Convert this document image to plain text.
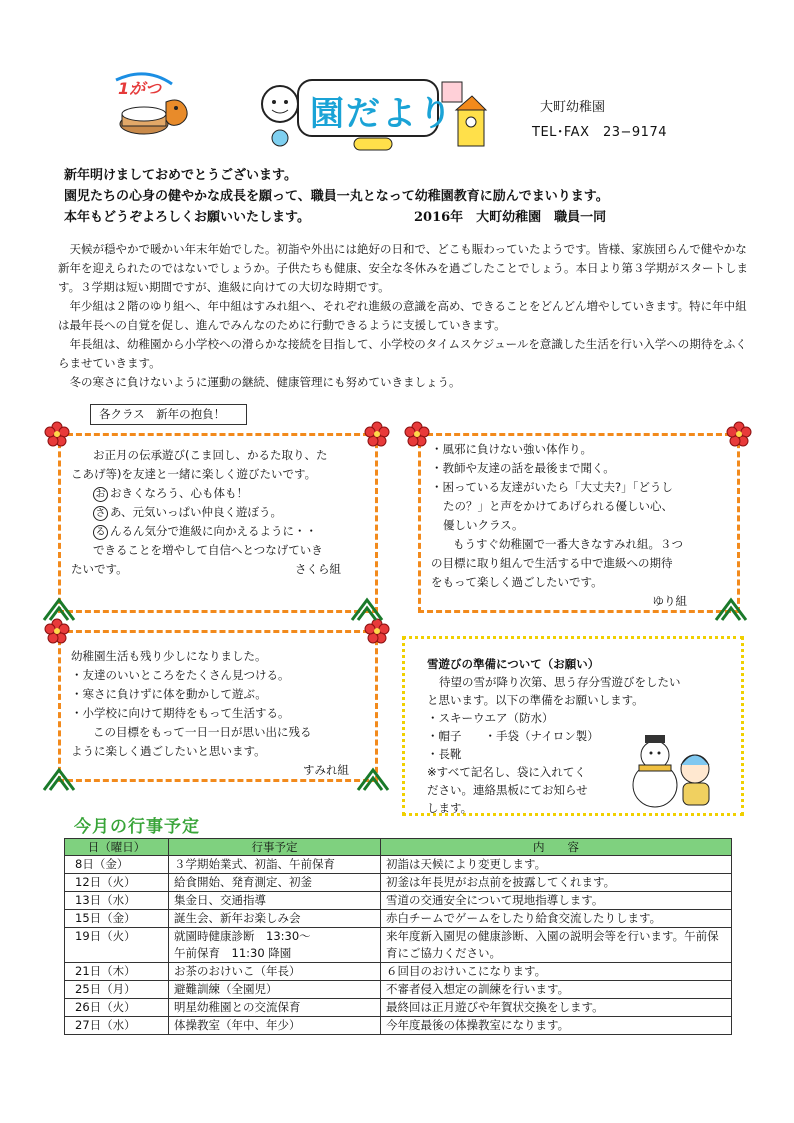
1がつ
園だより	大町幼稚園
TEL･FAX　23−9174
新年明けましておめでとうございます。
園児たちの心身の健やかな成長を願って、職員一丸となって幼稚園教育に励んでまいります。
本年もどうぞよろしくお願いいたします。	2016年　大町幼稚園　職員一同

天候が穏やかで暖かい年末年始でした。初詣や外出には絶好の日和で、どこも賑わっていたようです。皆様、家族団らんで健やかな新年を迎えられたのではないでしょうか。子供たちも健康、安全な冬休みを過ごしたことでしょう。本日より第３学期がスタートします。３学期は短い期間ですが、進級に向けての大切な時期です。

年少組は２階のゆり組へ、年中組はすみれ組へ、それぞれ進級の意識を高め、できることをどんどん増やしていきます。特に年中組は最年長への自覚を促し、進んでみんなのために行動できるように支援していきます。

年長組は、幼稚園から小学校への滑らかな接続を目指して、小学校のタイムスケジュールを意識した生活を行い入学への期待をふくらませていきます。

冬の寒さに負けないように運動の継続、健康管理にも努めていきましょう。

各クラス　新年の抱負！
お正月の伝承遊び(こま回し、かるた取り、た
こあげ等)を友達と一緒に楽しく遊びたいです。
お おきくなろう、心も体も！
さ あ、元気いっぱい仲良く遊ぼう。
る んるん気分で進級に向かえるように・・
できることを増やして自信へとつなげていき
たいです。	さくら組
・風邪に負けない強い体作り。
・教師や友達の話を最後まで聞く。
・困っている友達がいたら「大丈夫?」「どうし
たの？」と声をかけてあげられる優しい心、
優しいクラス。
もうすぐ幼稚園で一番大きなすみれ組。３つ
の目標に取り組んで生活する中で進級への期待
をもって楽しく過ごしたいです。
ゆり組
幼稚園生活も残り少しになりました。
・友達のいいところをたくさん見つける。
・寒さに負けずに体を動かして遊ぶ。
・小学校に向けて期待をもって生活する。
この目標をもって一日一日が思い出に残る
ように楽しく過ごしたいと思います。
すみれ組
雪遊びの準備について（お願い）
待望の雪が降り次第、思う存分雪遊びをしたい
と思います。以下の準備をお願いします。
・スキーウエア（防水）
・帽子　　・手袋（ナイロン製）
・長靴
※すべて記名し、袋に入れてく
ださい。連絡黒板にてお知らせ
します。
今月の行事予定
日（曜日）	行事予定	内　　容
8日（金）	３学期始業式、初詣、午前保育	初詣は天候により変更します。
12日（火）	給食開始、発育測定、初釜	初釜は年長児がお点前を披露してくれます。
13日（水）	集金日、交通指導	雪道の交通安全について現地指導します。
15日（金）	誕生会、新年お楽しみ会	赤白チームでゲームをしたり給食交流したりします。
19日（火）	就園時健康診断　13:30〜
午前保育　11:30 降園	来年度新入園児の健康診断、入園の説明会等を行います。午前保育にご協力ください。
21日（木）	お茶のおけいこ（年長）	６回目のおけいこになります。
25日（月）	避難訓練（全園児）	不審者侵入想定の訓練を行います。
26日（火）	明星幼稚園との交流保育	最終回は正月遊びや年賀状交換をします。
27日（水）	体操教室（年中、年少）	今年度最後の体操教室になります。
